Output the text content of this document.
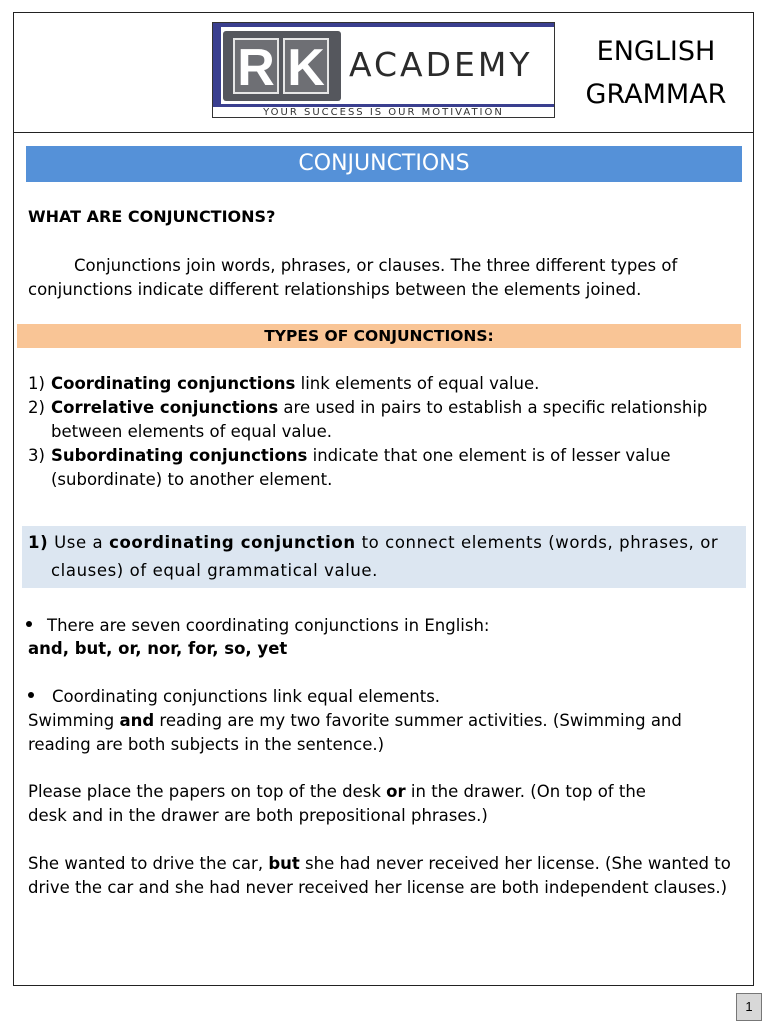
R K ACADEMY
YOUR SUCCESS IS OUR MOTIVATION
ENGLISH
GRAMMAR
CONJUNCTIONS
WHAT ARE CONJUNCTIONS?
Conjunctions join words, phrases, or clauses. The three different types of
conjunctions indicate different relationships between the elements joined.
TYPES OF CONJUNCTIONS:
1) Coordinating conjunctions link elements of equal value.
2) Correlative conjunctions are used in pairs to establish a specific relationship
between elements of equal value.
3) Subordinating conjunctions indicate that one element is of lesser value
(subordinate) to another element.
1) Use a coordinating conjunction to connect elements (words, phrases, or
clauses) of equal grammatical value.
There are seven coordinating conjunctions in English:
and, but, or, nor, for, so, yet
Coordinating conjunctions link equal elements.
Swimming and reading are my two favorite summer activities. (Swimming and
reading are both subjects in the sentence.)
Please place the papers on top of the desk or in the drawer. (On top of the
desk and in the drawer are both prepositional phrases.)
She wanted to drive the car, but she had never received her license. (She wanted to
drive the car and she had never received her license are both independent clauses.)
1
